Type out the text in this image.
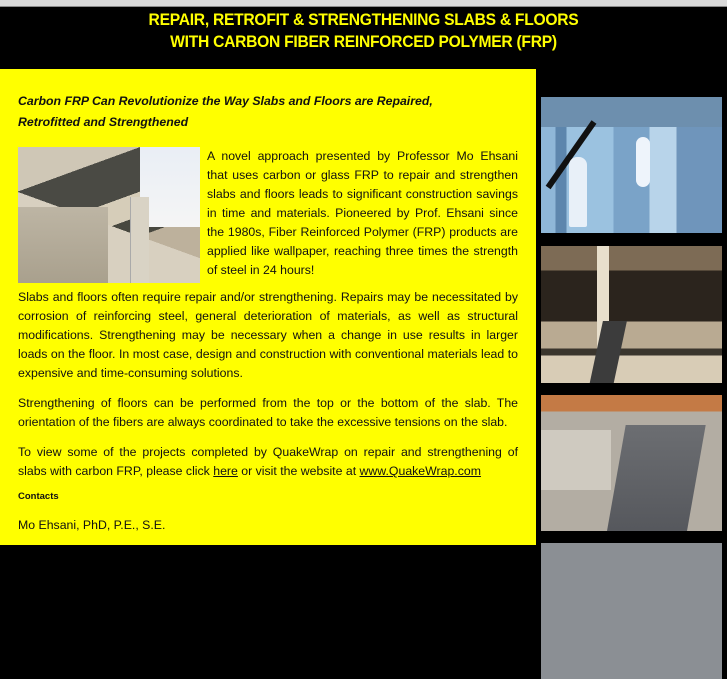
REPAIR, RETROFIT & STRENGTHENING SLABS & FLOORS
WITH CARBON FIBER REINFORCED POLYMER (FRP)
Carbon FRP Can Revolutionize the Way Slabs and Floors are Repaired,
Retrofitted and Strengthened
A novel approach presented by Professor Mo Ehsani that uses carbon or glass FRP to repair and strengthen slabs and floors leads to significant construction savings in time and materials. Pioneered by Prof. Ehsani since the 1980s, Fiber Reinforced Polymer (FRP) products are applied like wallpaper, reaching three times the strength of steel in 24 hours!
Slabs and floors often require repair and/or strengthening. Repairs may be necessitated by corrosion of reinforcing steel, general deterioration of materials, as well as structural modifications. Strengthening may be necessary when a change in use results in larger loads on the floor. In most case, design and construction with conventional materials lead to expensive and time-consuming solutions.
Strengthening of floors can be performed from the top or the bottom of the slab. The orientation of the fibers are always coordinated to take the excessive tensions on the slab.
To view some of the projects completed by QuakeWrap on repair and strengthening of slabs with carbon FRP, please click here or visit the website at www.QuakeWrap.com
Contacts
Mo Ehsani, PhD, P.E., S.E.
